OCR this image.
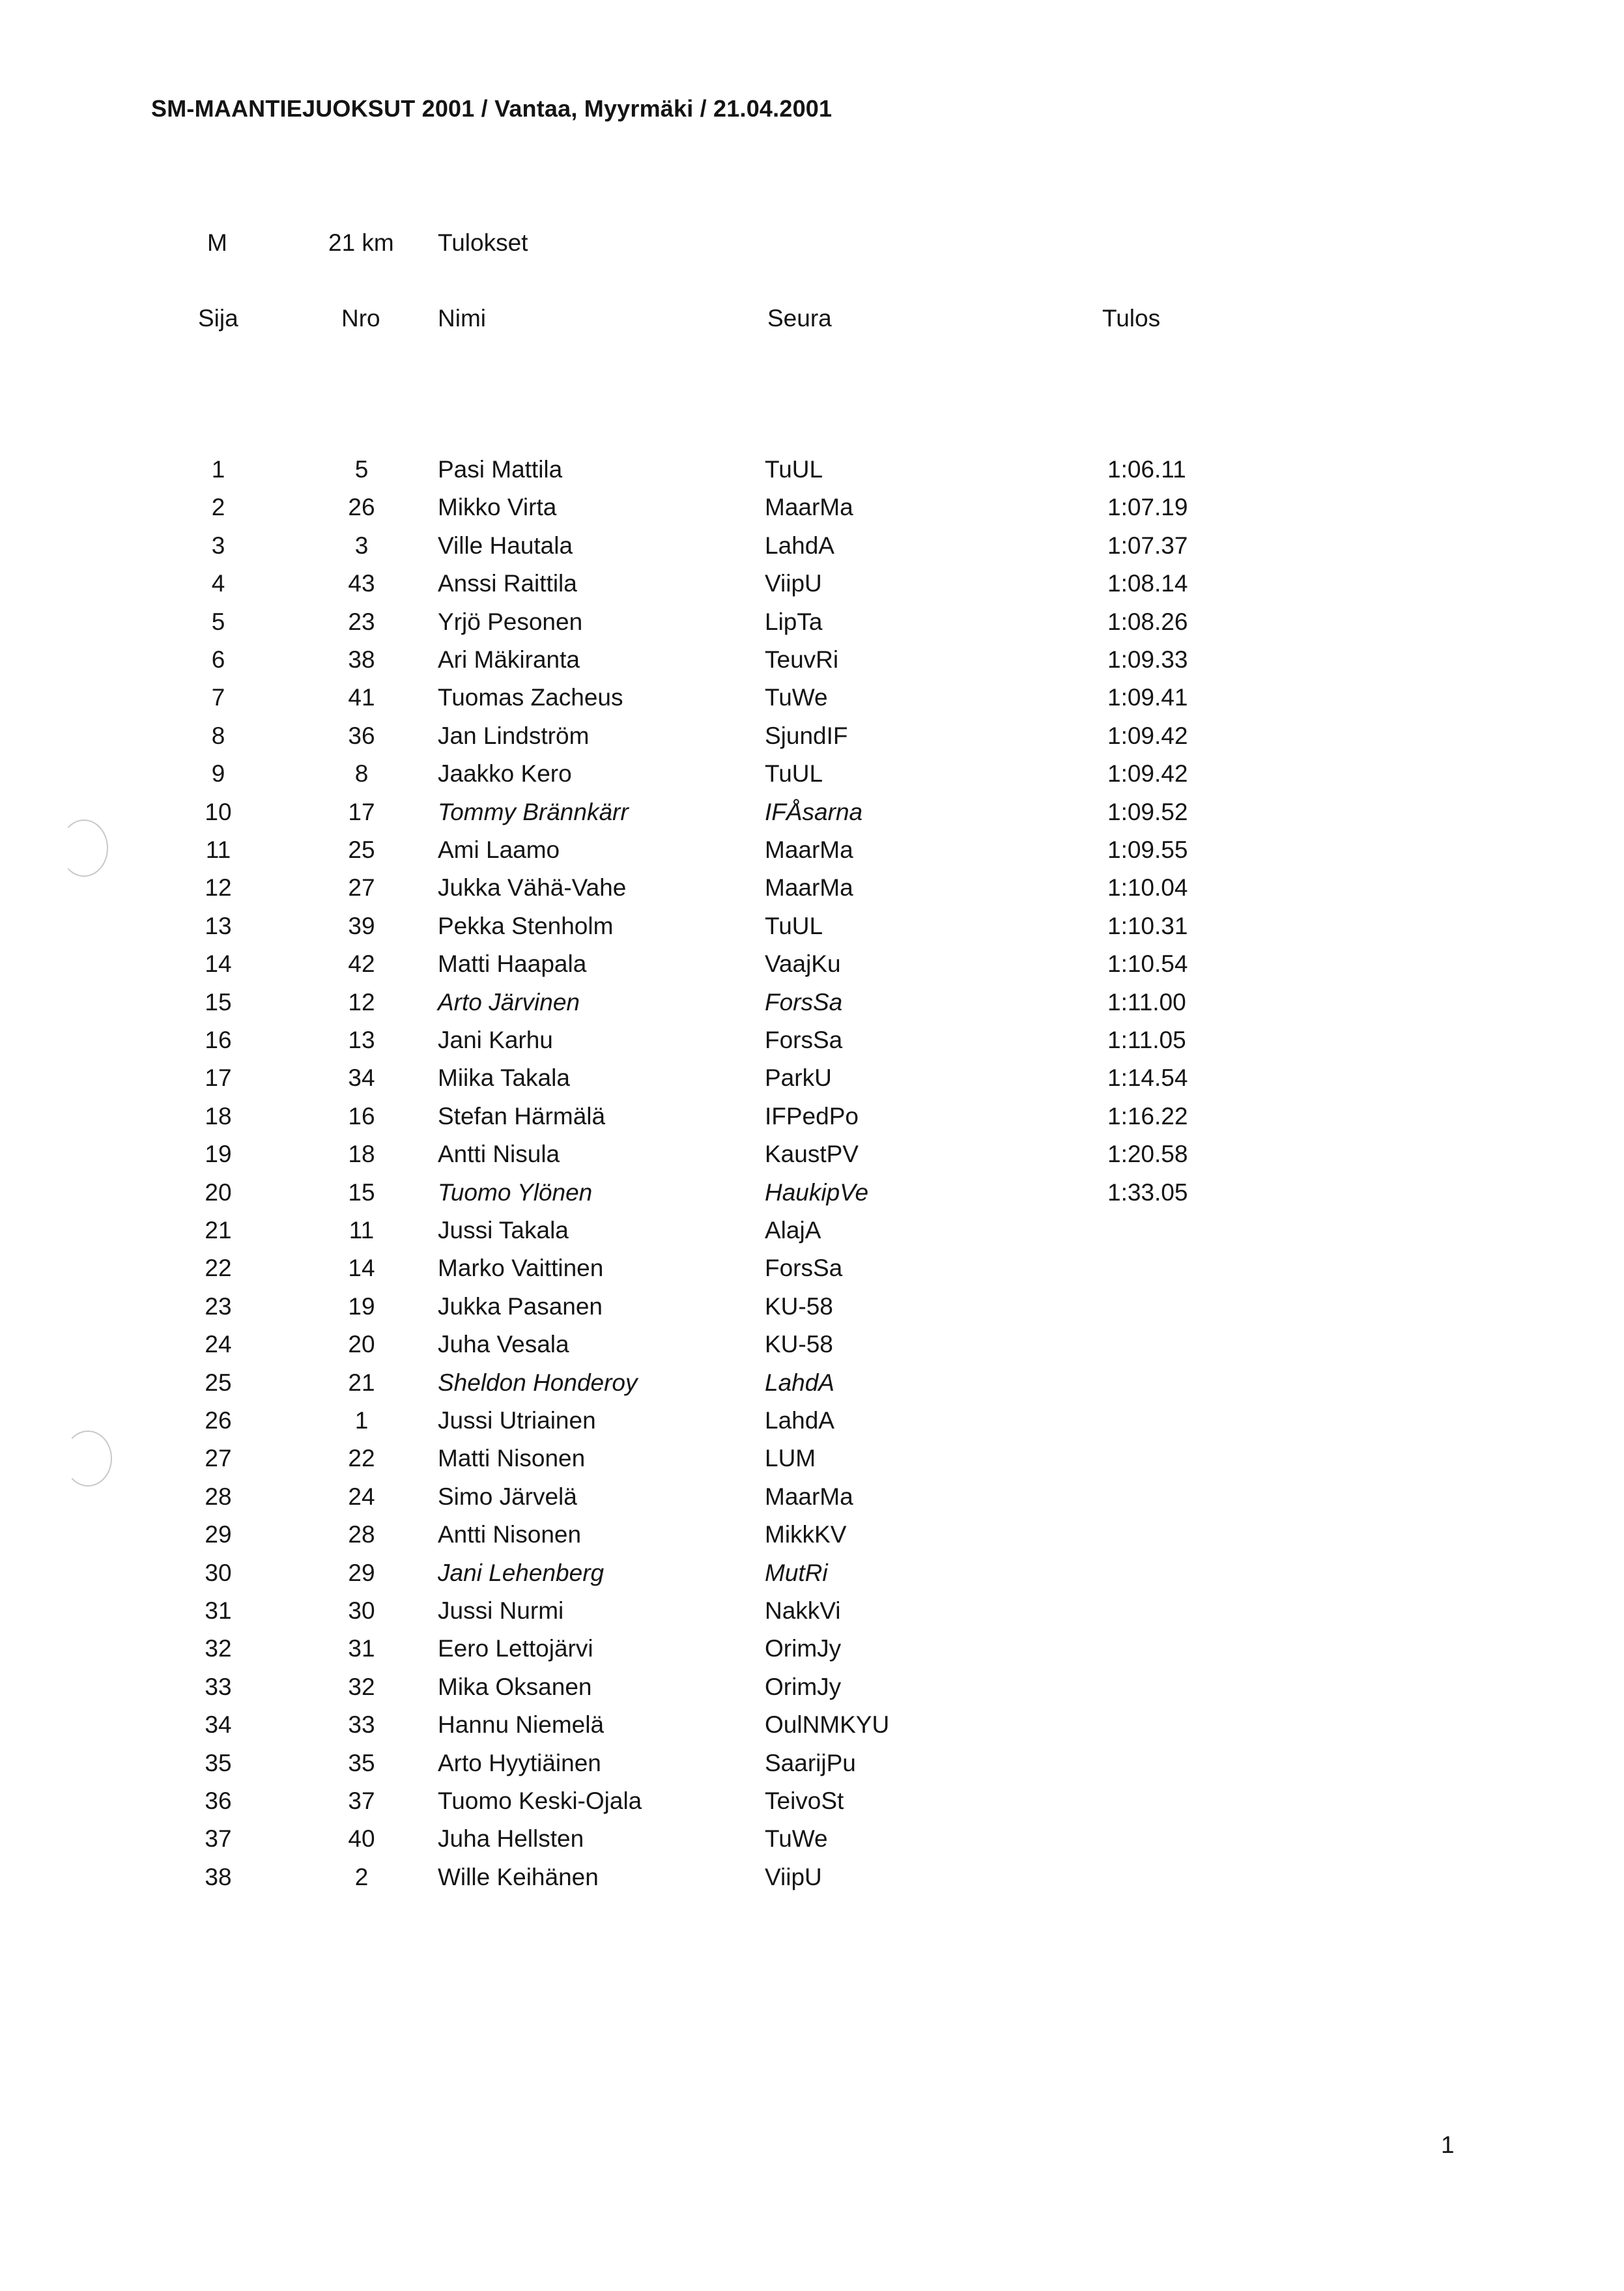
SM-MAANTIEJUOKSUT 2001 / Vantaa, Myyrmäki / 21.04.2001
M	21 km Tulokset
Sija	Nro Nimi	Seura	Tulos
1	5	Pasi Mattila	TuUL	1:06.11
2	26	Mikko Virta	MaarMa	1:07.19
3	3	Ville Hautala	LahdA	1:07.37
4	43	Anssi Raittila	ViipU	1:08.14
5	23	Yrjö Pesonen	LipTa	1:08.26
6	38	Ari Mäkiranta	TeuvRi	1:09.33
7	41	Tuomas Zacheus	TuWe	1:09.41
8	36	Jan Lindström	SjundIF	1:09.42
9	8	Jaakko Kero	TuUL	1:09.42
10	17	Tommy Brännkärr	IFÅsarna	1:09.52
11	25	Ami Laamo	MaarMa	1:09.55
12	27	Jukka Vähä-Vahe	MaarMa	1:10.04
13	39	Pekka Stenholm	TuUL	1:10.31
14	42	Matti Haapala	VaajKu	1:10.54
15	12	Arto Järvinen	ForsSa	1:11.00
16	13	Jani Karhu	ForsSa	1:11.05
17	34	Miika Takala	ParkU	1:14.54
18	16	Stefan Härmälä	IFPedPo	1:16.22
19	18	Antti Nisula	KaustPV	1:20.58
20	15	Tuomo Ylönen	HaukipVe	1:33.05
21	11	Jussi Takala	AlajA
22	14	Marko Vaittinen	ForsSa
23	19	Jukka Pasanen	KU-58
24	20	Juha Vesala	KU-58
25	21	Sheldon Honderoy	LahdA
26	1	Jussi Utriainen	LahdA
27	22	Matti Nisonen	LUM
28	24	Simo Järvelä	MaarMa
29	28	Antti Nisonen	MikkKV
30	29	Jani Lehenberg	MutRi
31	30	Jussi Nurmi	NakkVi
32	31	Eero Lettojärvi	OrimJy
33	32	Mika Oksanen	OrimJy
34	33	Hannu Niemelä	OulNMKYU
35	35	Arto Hyytiäinen	SaarijPu
36	37	Tuomo Keski-Ojala	TeivoSt
37	40	Juha Hellsten	TuWe
38	2	Wille Keihänen	ViipU
1
